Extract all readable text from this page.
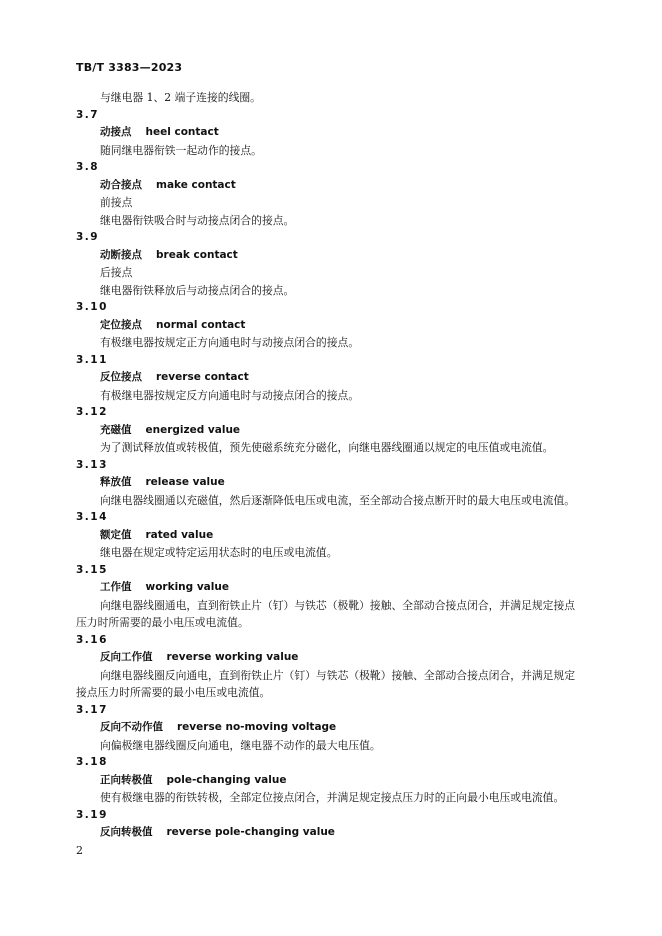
TB/T 3383—2023
与继电器 1、2 端子连接的线圈。
3.7
动接点 heel contact
随同继电器衔铁一起动作的接点。
3.8
动合接点 make contact
前接点
继电器衔铁吸合时与动接点闭合的接点。
3.9
动断接点 break contact
后接点
继电器衔铁释放后与动接点闭合的接点。
3.10
定位接点 normal contact
有极继电器按规定正方向通电时与动接点闭合的接点。
3.11
反位接点 reverse contact
有极继电器按规定反方向通电时与动接点闭合的接点。
3.12
充磁值 energized value
为了测试释放值或转极值，预先使磁系统充分磁化，向继电器线圈通以规定的电压值或电流值。
3.13
释放值 release value
向继电器线圈通以充磁值，然后逐渐降低电压或电流，至全部动合接点断开时的最大电压或电流值。
3.14
额定值 rated value
继电器在规定或特定运用状态时的电压或电流值。
3.15
工作值 working value
向继电器线圈通电，直到衔铁止片（钉）与铁芯（极靴）接触、全部动合接点闭合，并满足规定接点
压力时所需要的最小电压或电流值。
3.16
反向工作值 reverse working value
向继电器线圈反向通电，直到衔铁止片（钉）与铁芯（极靴）接触、全部动合接点闭合，并满足规定
接点压力时所需要的最小电压或电流值。
3.17
反向不动作值 reverse no-moving voltage
向偏极继电器线圈反向通电，继电器不动作的最大电压值。
3.18
正向转极值 pole-changing value
使有极继电器的衔铁转极，全部定位接点闭合，并满足规定接点压力时的正向最小电压或电流值。
3.19
反向转极值 reverse pole-changing value
2
